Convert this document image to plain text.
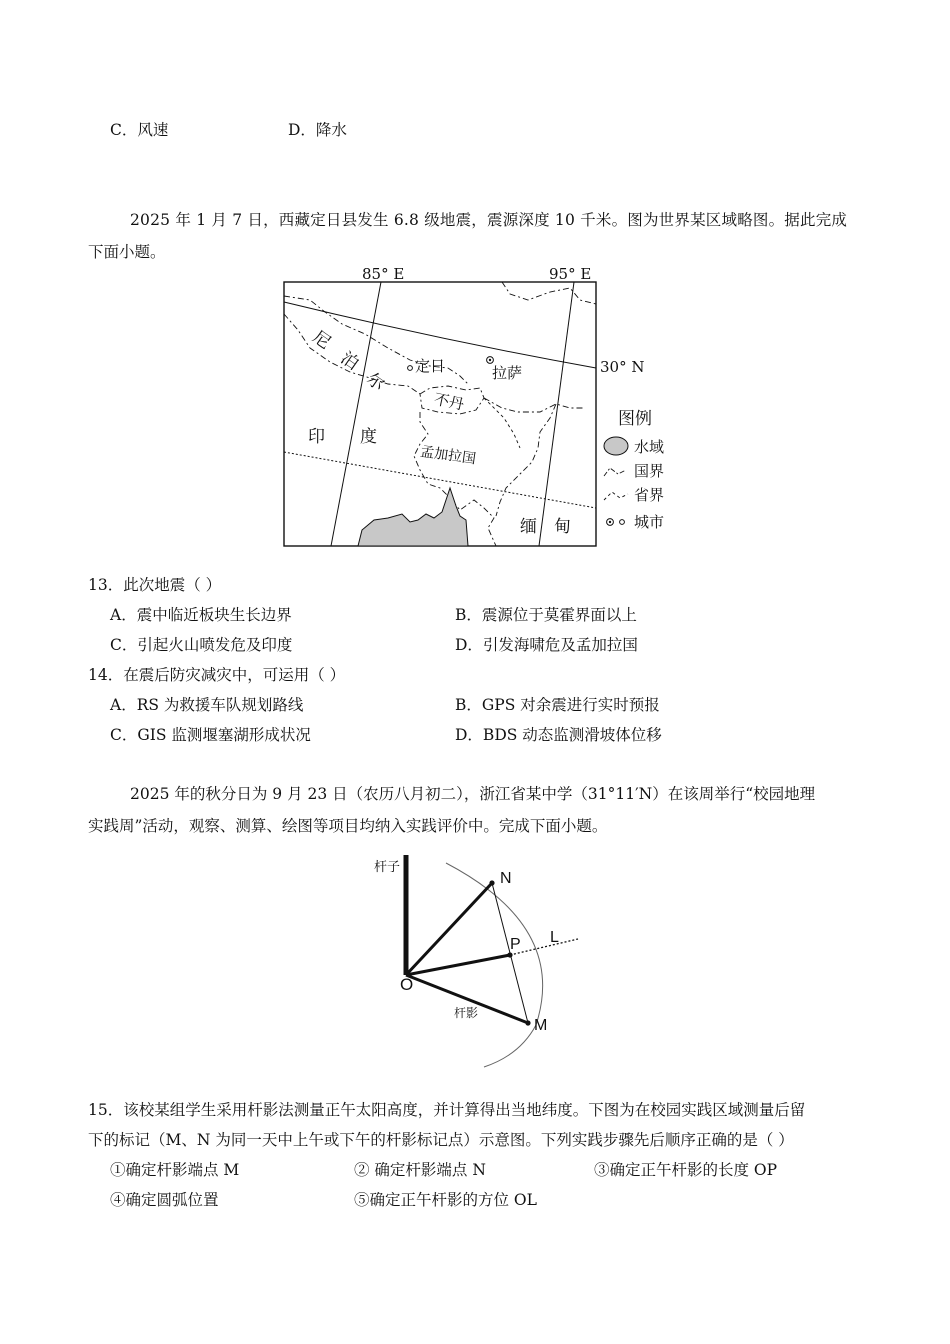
C．风速	D．降水
2025 年 1 月 7 日，西藏定日县发生 6.8 级地震，震源深度 10 千米。图为世界某区域略图。据此完成
下面小题。
85° E	95° E
30° N
尼
泊
尔
印 度
不丹
孟加拉国
缅 甸
定日	拉萨
图例
水域
国界
省界
城市
13．此次地震（ ）
A．震中临近板块生长边界	B．震源位于莫霍界面以上
C．引起火山喷发危及印度	D．引发海啸危及孟加拉国
14．在震后防灾减灾中，可运用（ ）
A．RS 为救援车队规划路线	B．GPS 对余震进行实时预报
C．GIS 监测堰塞湖形成状况	D．BDS 动态监测滑坡体位移
2025 年的秋分日为 9 月 23 日（农历八月初二），浙江省某中学（31°11′N）在该周举行“校园地理
实践周”活动，观察、测算、绘图等项目均纳入实践评价中。完成下面小题。
杆子
O
N
P L
M
杆影
15．该校某组学生采用杆影法测量正午太阳高度，并计算得出当地纬度。下图为在校园实践区域测量后留
下的标记（M、N 为同一天中上午或下午的杆影标记点）示意图。下列实践步骤先后顺序正确的是（ ）
①确定杆影端点 M	② 确定杆影端点 N	③确定正午杆影的长度 OP
④确定圆弧位置	⑤确定正午杆影的方位 OL
